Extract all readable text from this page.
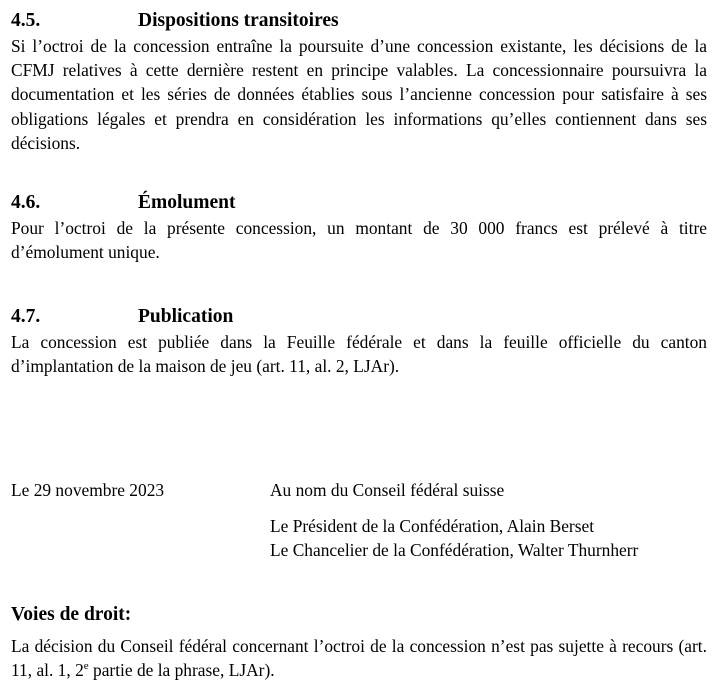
4.5.	Dispositions transitoires

Si l’octroi de la concession entraîne la poursuite d’une concession existante, les décisions de la CFMJ relatives à cette dernière restent en principe valables. La concessionnaire poursuivra la documentation et les séries de données établies sous l’ancienne concession pour satisfaire à ses obligations légales et prendra en considération les informations qu’elles contiennent dans ses décisions.

4.6.	Émolument

Pour l’octroi de la présente concession, un montant de 30 000 francs est prélevé à titre d’émolument unique.

4.7.	Publication

La concession est publiée dans la Feuille fédérale et dans la feuille officielle du canton d’implantation de la maison de jeu (art. 11, al. 2, LJAr).

Le 29 novembre 2023	Au nom du Conseil fédéral suisse
Le Président de la Confédération, Alain Berset
Le Chancelier de la Confédération, Walter Thurnherr
Voies de droit:

La décision du Conseil fédéral concernant l’octroi de la concession n’est pas sujette à recours (art. 11, al. 1, 2e partie de la phrase, LJAr).
